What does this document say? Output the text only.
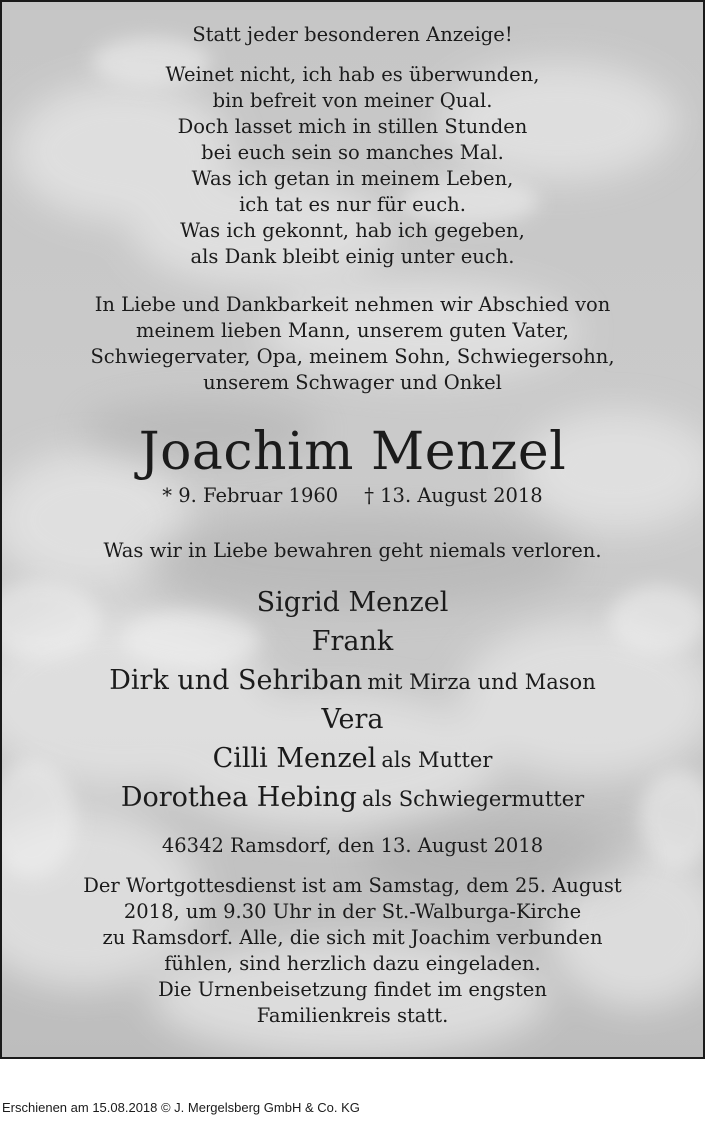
Statt jeder besonderen Anzeige!
Weinet nicht, ich hab es überwunden,
bin befreit von meiner Qual.
Doch lasset mich in stillen Stunden
bei euch sein so manches Mal.
Was ich getan in meinem Leben,
ich tat es nur für euch.
Was ich gekonnt, hab ich gegeben,
als Dank bleibt einig unter euch.
In Liebe und Dankbarkeit nehmen wir Abschied von
meinem lieben Mann, unserem guten Vater,
Schwiegervater, Opa, meinem Sohn, Schwiegersohn,
unserem Schwager und Onkel
Joachim Menzel
* 9. Februar 1960 † 13. August 2018
Was wir in Liebe bewahren geht niemals verloren.
Sigrid Menzel
Frank
Dirk und Sehriban mit Mirza und Mason
Vera
Cilli Menzel als Mutter
Dorothea Hebing als Schwiegermutter
46342 Ramsdorf, den 13. August 2018
Der Wortgottesdienst ist am Samstag, dem 25. August
2018, um 9.30 Uhr in der St.-Walburga-Kirche
zu Ramsdorf. Alle, die sich mit Joachim verbunden
fühlen, sind herzlich dazu eingeladen.
Die Urnenbeisetzung findet im engsten
Familienkreis statt.
Erschienen am 15.08.2018 © J. Mergelsberg GmbH & Co. KG
